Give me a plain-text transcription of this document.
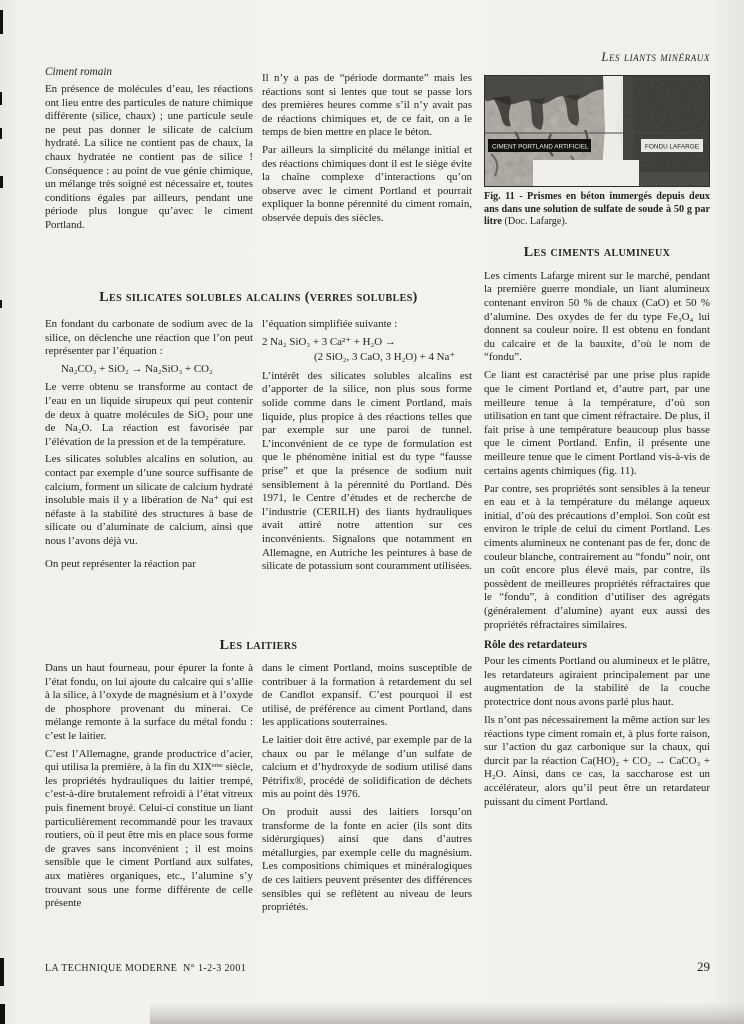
Les liants minéraux
Ciment romain

En présence de molécules d’eau, les réactions ont lieu entre des particules de nature chimique différente (silice, chaux) ; une particule seule ne peut pas donner le silicate de calcium hydraté. La silice ne contient pas de chaux, la chaux hydratée ne contient pas de silice ! Conséquence : au point de vue génie chimique, un mélange très soigné est nécessaire et, toutes conditions égales par ailleurs, pendant une période plus longue qu’avec le ciment Portland.

Il n’y a pas de “période dormante” mais les réactions sont si lentes que tout se passe lors des premières heures comme s’il n’y avait pas de réactions chimiques et, de ce fait, on a le temps de bien mettre en place le béton.

Par ailleurs la simplicité du mélange initial et des réactions chimiques dont il est le siège évite la chaîne complexe d’interactions qu’on observe avec le ciment Portland et pourrait expliquer la bonne pérennité du ciment romain, observée depuis des siècles.

Les silicates solubles alcalins (verres solubles)

En fondant du carbonate de sodium avec de la silice, on déclenche une réaction que l’on peut représenter par l’équation :

Na₂CO₃ + SiO₂ → Na₂SiO₃ + CO₂

Le verre obtenu se transforme au contact de l’eau en un liquide sirupeux qui peut contenir de deux à quatre molécules de SiO₂ pour une de Na₂O. La réaction est favorisée par l’élévation de la pression et de la température.

Les silicates solubles alcalins en solution, au contact par exemple d’une source suffisante de calcium, forment un silicate de calcium hydraté insoluble mais il y a libération de Na⁺ qui est néfaste à la stabilité des structures à base de silicate ou d’aluminate de calcium, ainsi que nous l’avons déjà vu.

On peut représenter la réaction par

l’équation simplifiée suivante :

2 Na₂ SiO₃ + 3 Ca²⁺ + H₂O →

(2 SiO₂, 3 CaO, 3 H₂O) + 4 Na⁺

L’intérêt des silicates solubles alcalins est d’apporter de la silice, non plus sous forme solide comme dans le ciment Portland, mais liquide, plus propice à des réactions telles que par exemple sur une paroi de tunnel. L’inconvénient de ce type de formulation est que le phénomène initial est du type “fausse prise” et que la présence de sodium nuit sensiblement à la pérennité du Portland. Dès 1971, le Centre d’études et de recherche de l’industrie (CERILH) des liants hydrauliques avait attiré notre attention sur ces inconvénients. Signalons que notamment en Allemagne, en Autriche les peintures à base de silicate de potassium sont couramment utilisées.

Les laitiers

Dans un haut fourneau, pour épurer la fonte à l’état fondu, on lui ajoute du calcaire qui s’allie à la silice, à l’oxyde de magnésium et à l’oxyde de phosphore provenant du minerai. Ce mélange remonte à la surface du métal fondu : c’est le laitier.

C’est l’Allemagne, grande productrice d’acier, qui utilisa la première, à la fin du XIXᵉᵐᵉ siècle, les propriétés hydrauliques du laitier trempé, c’est-à-dire brutalement refroidi à l’état vitreux puis finement broyé. Celui-ci constitue un liant particulièrement recommandé pour les travaux routiers, où il peut être mis en place sous forme de graves sans inconvénient ; il est moins sensible que le ciment Portland aux sulfates, aux matières organiques, etc., l’alumine s’y trouvant sous une forme différente de celle présente

dans le ciment Portland, moins susceptible de contribuer à la formation à retardement du sel de Candlot expansif. C’est pourquoi il est utilisé, de préférence au ciment Portland, dans les applications souterraines.

Le laitier doit être activé, par exemple par de la chaux ou par le mélange d’un sulfate de calcium et d’hydroxyde de sodium utilisé dans Pétrifix®, procédé de solidification de déchets mis au point dès 1976.

On produit aussi des laitiers lorsqu’on transforme de la fonte en acier (ils sont dits sidérurgiques) ainsi que dans d’autres métallurgies, par exemple celle du magnésium. Les compositions chimiques et minéralogiques de ces laitiers peuvent présenter des différences sensibles qui se reflètent au niveau de leurs propriétés.

CIMENT PORTLAND ARTIFICIEL	FONDU LAFARGE

Fig. 11 - Prismes en béton immergés depuis deux ans dans une solution de sulfate de soude à 50 g par litre (Doc. Lafarge).

Les ciments alumineux

Les ciments Lafarge mirent sur le marché, pendant la première guerre mondiale, un liant alumineux contenant environ 50 % de chaux (CaO) et 50 % d’alumine. Des oxydes de fer du type Fe₃O₄ lui donnent sa couleur noire. Il est obtenu en fondant du calcaire et de la bauxite, d’où le nom de “fondu”.

Ce liant est caractérisé par une prise plus rapide que le ciment Portland et, d’autre part, par une meilleure tenue à la température, d’où son utilisation en tant que ciment réfractaire. De plus, il fait prise à une température beaucoup plus basse que le ciment Portland. Enfin, il présente une meilleure tenue que le ciment Portland vis-à-vis de certains agents chimiques (fig. 11).

Par contre, ses propriétés sont sensibles à la teneur en eau et à la température du mélange aqueux initial, d’où des précautions d’emploi. Son coût est environ le triple de celui du ciment Portland. Les ciments alumineux ne contenant pas de fer, donc de couleur blanche, contrairement au “fondu” noir, ont un coût encore plus élevé mais, par contre, ils possèdent de meilleures propriétés réfractaires que le “fondu”, à condition d’utiliser des agrégats (généralement d’alumine) ayant eux aussi des propriétés réfractaires similaires.

Rôle des retardateurs

Pour les ciments Portland ou alumineux et le plâtre, les retardateurs agiraient principalement par une augmentation de la stabilité de la couche protectrice dont nous avons parlé plus haut.

Ils n’ont pas nécessairement la même action sur les réactions type ciment romain et, à plus forte raison, sur l’action du gaz carbonique sur la chaux, qui durcit par la réaction Ca(HO)₂ + CO₂ → CaCO₃ + H₂O. Ainsi, dans ce cas, la saccharose est un accélérateur, alors qu’il peut être un retardateur puissant du ciment Portland.

LA TECHNIQUE MODERNE  N° 1-2-3 2001	29
